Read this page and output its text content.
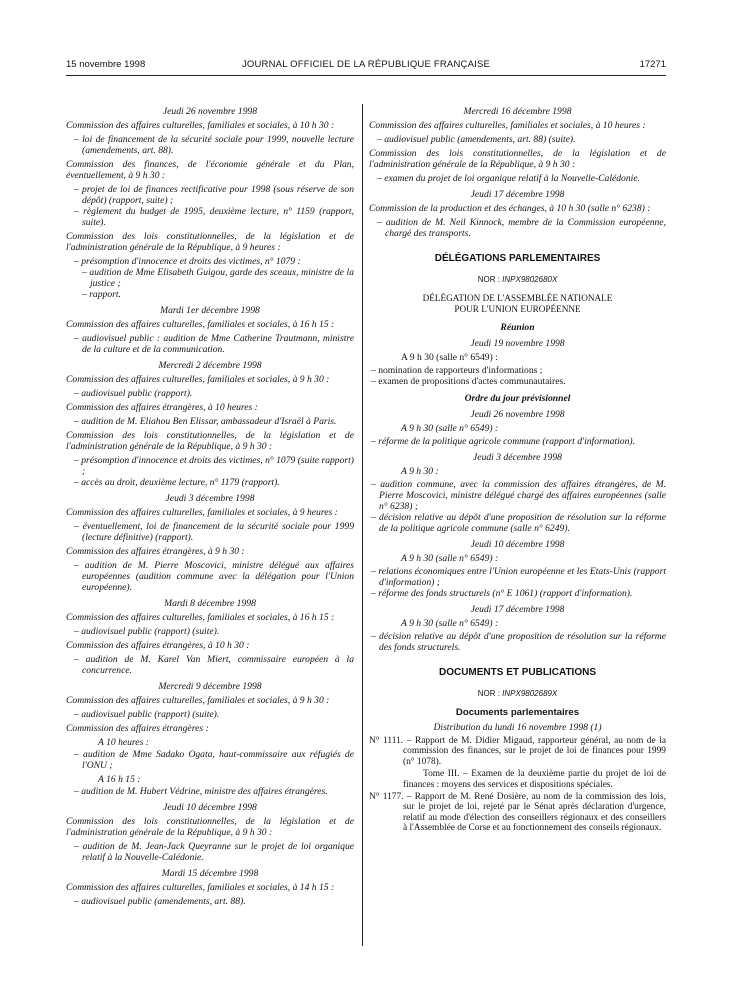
15 novembre 1998	JOURNAL OFFICIEL DE LA RÉPUBLIQUE FRANÇAISE	17271
Jeudi 26 novembre 1998
Commission des affaires culturelles, familiales et sociales, à 10 h 30 :
– loi de financement de la sécurité sociale pour 1999, nouvelle lecture (amendements, art. 88).
Commission des finances, de l'économie générale et du Plan, éventuellement, à 9 h 30 :
– projet de loi de finances rectificative pour 1998 (sous réserve de son dépôt) (rapport, suite) ;
– règlement du budget de 1995, deuxième lecture, n° 1159 (rapport, suite).
Commission des lois constitutionnelles, de la législation et de l'administration générale de la République, à 9 heures :
– présomption d'innocence et droits des victimes, n° 1079 :
– audition de Mme Elisabeth Guigou, garde des sceaux, ministre de la justice ;
– rapport.
Mardi 1er décembre 1998
Commission des affaires culturelles, familiales et sociales, à 16 h 15 :
– audiovisuel public : audition de Mme Catherine Trautmann, ministre de la culture et de la communication.
Mercredi 2 décembre 1998
Commission des affaires culturelles, familiales et sociales, à 9 h 30 :
– audiovisuel public (rapport).
Commission des affaires étrangères, à 10 heures :
– audition de M. Eliahou Ben Elissar, ambassadeur d'Israël à Paris.
Commission des lois constitutionnelles, de la législation et de l'administration générale de la République, à 9 h 30 :
– présomption d'innocence et droits des victimes, n° 1079 (suite rapport) ;
– accès au droit, deuxième lecture, n° 1179 (rapport).
Jeudi 3 décembre 1998
Commission des affaires culturelles, familiales et sociales, à 9 heures :
– éventuellement, loi de financement de la sécurité sociale pour 1999 (lecture définitive) (rapport).
Commission des affaires étrangères, à 9 h 30 :
– audition de M. Pierre Moscovici, ministre délégué aux affaires européennes (audition commune avec la délégation pour l'Union européenne).
Mardi 8 décembre 1998
Commission des affaires culturelles, familiales et sociales, à 16 h 15 :
– audiovisuel public (rapport) (suite).
Commission des affaires étrangères, à 10 h 30 :
– audition de M. Karel Van Miert, commissaire européen à la concurrence.
Mercredi 9 décembre 1998
Commission des affaires culturelles, familiales et sociales, à 9 h 30 :
– audiovisuel public (rapport) (suite).
Commission des affaires étrangères :
A 10 heures :
– audition de Mme Sadako Ogata, haut-commissaire aux réfugiés de l'ONU ;
A 16 h 15 :
– audition de M. Hubert Védrine, ministre des affaires étrangères.
Jeudi 10 décembre 1998
Commission des lois constitutionnelles, de la législation et de l'administration générale de la République, à 9 h 30 :
– audition de M. Jean-Jack Queyranne sur le projet de loi organique relatif à la Nouvelle-Calédonie.
Mardi 15 décembre 1998
Commission des affaires culturelles, familiales et sociales, à 14 h 15 :
– audiovisuel public (amendements, art. 88).
Mercredi 16 décembre 1998
Commission des affaires culturelles, familiales et sociales, à 10 heures :
– audiovisuel public (amendements, art. 88) (suite).
Commission des lois constitutionnelles, de la législation et de l'administration générale de la République, à 9 h 30 :
– examen du projet de loi organique relatif à la Nouvelle-Calédonie.
Jeudi 17 décembre 1998
Commission de la production et des échanges, à 10 h 30 (salle n° 6238) :
– audition de M. Neil Kinnock, membre de la Commission européenne, chargé des transports.
DÉLÉGATIONS PARLEMENTAIRES
NOR : INPX9802680X
DÉLÉGATION DE L'ASSEMBLÉE NATIONALE
POUR L'UNION EUROPÉENNE
Réunion
Jeudi 19 novembre 1998
A 9 h 30 (salle n° 6549) :
– nomination de rapporteurs d'informations ;
– examen de propositions d'actes communautaires.
Ordre du jour prévisionnel
Jeudi 26 novembre 1998
A 9 h 30 (salle n° 6549) :
– réforme de la politique agricole commune (rapport d'information).
Jeudi 3 décembre 1998
A 9 h 30 :
– audition commune, avec la commission des affaires étrangères, de M. Pierre Moscovici, ministre délégué chargé des affaires européennes (salle n° 6238) ;
– décision relative au dépôt d'une proposition de résolution sur la réforme de la politique agricole commune (salle n° 6249).
Jeudi 10 décembre 1998
A 9 h 30 (salle n° 6549) :
– relations économiques entre l'Union européenne et les Etats-Unis (rapport d'information) ;
– réforme des fonds structurels (n° E 1061) (rapport d'information).
Jeudi 17 décembre 1998
A 9 h 30 (salle n° 6549) :
– décision relative au dépôt d'une proposition de résolution sur la réforme des fonds structurels.
DOCUMENTS ET PUBLICATIONS
NOR : INPX9802689X
Documents parlementaires
Distribution du lundi 16 novembre 1998 (1)
N° 1111. – Rapport de M. Didier Migaud, rapporteur général, au nom de la commission des finances, sur le projet de loi de finances pour 1999 (n° 1078).
Tome III. – Examen de la deuxième partie du projet de loi de finances : moyens des services et dispositions spéciales.
N° 1177. – Rapport de M. René Dosière, au nom de la commission des lois, sur le projet de loi, rejeté par le Sénat après déclaration d'urgence, relatif au mode d'élection des conseillers régionaux et des conseillers à l'Assemblée de Corse et au fonctionnement des conseils régionaux.
